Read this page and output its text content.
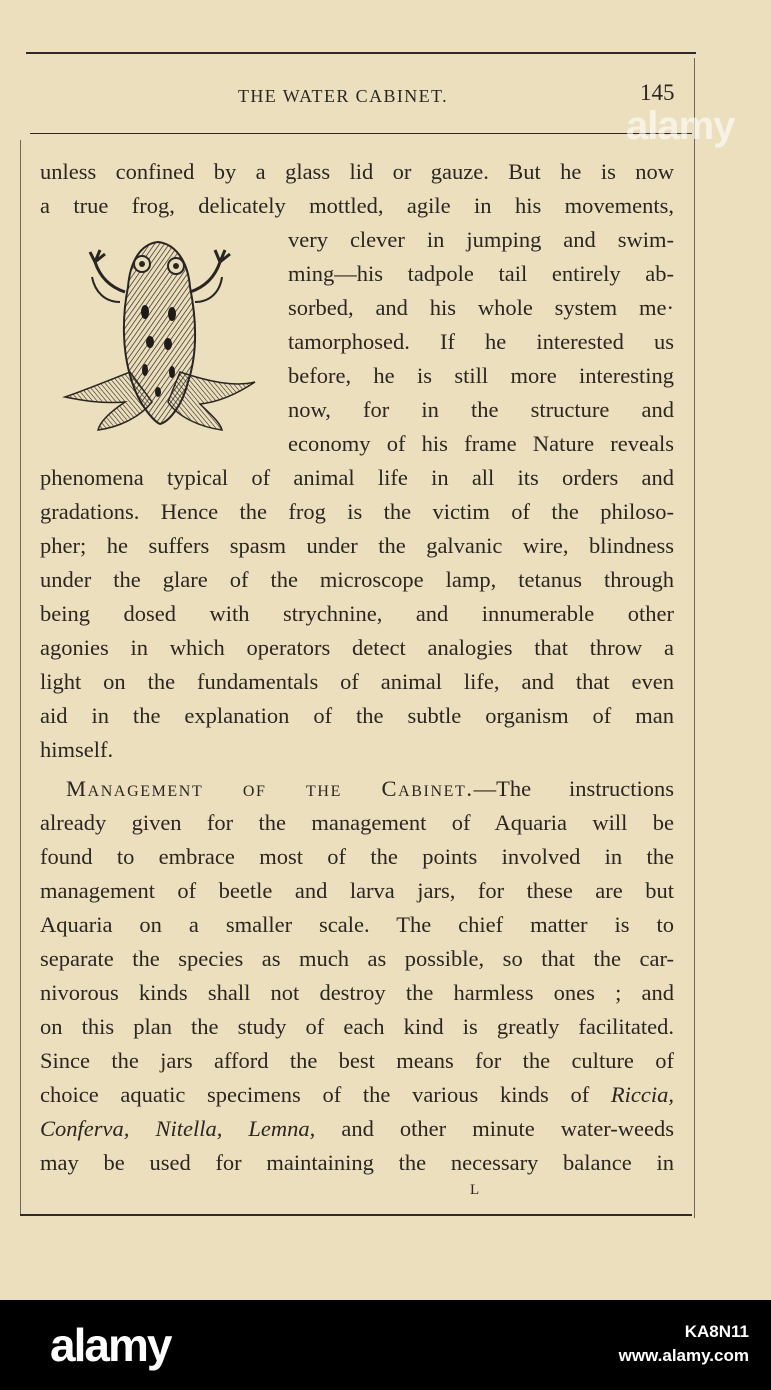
THE WATER CABINET.	145
alamy
unless confined by a glass lid or gauze. But he is now
a true frog, delicately mottled, agile in his movements,
very clever in jumping and swim-
ming—his tadpole tail entirely ab-
sorbed, and his whole system me·
tamorphosed. If he interested us
before, he is still more interesting
now, for in the structure and
economy of his frame Nature reveals
phenomena typical of animal life in all its orders and
gradations. Hence the frog is the victim of the philoso-
pher; he suffers spasm under the galvanic wire, blindness
under the glare of the microscope lamp, tetanus through
being dosed with strychnine, and innumerable other
agonies in which operators detect analogies that throw a
light on the fundamentals of animal life, and that even
aid in the explanation of the subtle organism of man
himself.
Management of the Cabinet.—The instructions
already given for the management of Aquaria will be
found to embrace most of the points involved in the
management of beetle and larva jars, for these are but
Aquaria on a smaller scale. The chief matter is to
separate the species as much as possible, so that the car-
nivorous kinds shall not destroy the harmless ones ; and
on this plan the study of each kind is greatly facilitated.
Since the jars afford the best means for the culture of
choice aquatic specimens of the various kinds of Riccia,
Conferva, Nitella, Lemna, and other minute water-weeds
may be used for maintaining the necessary balance in
L
alamy	KA8N11
www.alamy.com
